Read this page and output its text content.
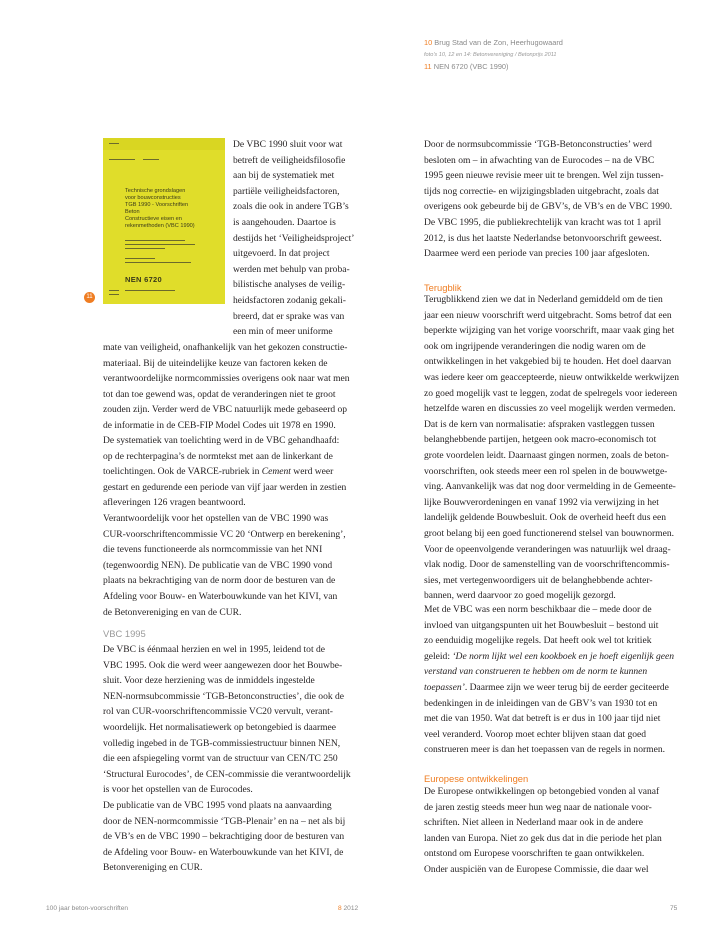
10 Brug Stad van de Zon, Heerhugowaard
foto's 10, 12 en 14: Betonvereniging / Betonprijs 2011
11 NEN 6720 (VBC 1990)
Technische grondslagen
voor bouwconstructies
TGB 1990 - Voorschriften
Beton
Constructieve eisen en
rekenmethoden (VBC 1990)
NEN 6720
11

De VBC 1990 sluit voor wat

betreft de veiligheidsfilosofie

aan bij de systematiek met

partiële veiligheidsfactoren,

zoals die ook in andere TGB’s

is aangehouden. Daartoe is

destijds het ‘Veiligheidsproject’

uitgevoerd. In dat project

werden met behulp van proba-

bilistische analyses de veilig-

heidsfactoren zodanig gekali-

breerd, dat er sprake was van

een min of meer uniforme

mate van veiligheid, onafhankelijk van het gekozen constructie-

materiaal. Bij de uiteindelijke keuze van factoren keken de

verantwoordelijke normcommissies overigens ook naar wat men

tot dan toe gewend was, opdat de veranderingen niet te groot

zouden zijn. Verder werd de VBC natuurlijk mede gebaseerd op

de informatie in de CEB-FIP Model Codes uit 1978 en 1990.

De systematiek van toelichting werd in de VBC gehandhaafd:

op de rechterpagina’s de normtekst met aan de linkerkant de

toelichtingen. Ook de VARCE-rubriek in Cement werd weer

gestart en gedurende een periode van vijf jaar werden in zestien

afleveringen 126 vragen beantwoord.

Verantwoordelijk voor het opstellen van de VBC 1990 was

CUR-voorschriftencommissie VC 20 ‘Ontwerp en berekening’,

die tevens functioneerde als normcommissie van het NNI

(tegenwoordig NEN). De publicatie van de VBC 1990 vond

plaats na bekrachtiging van de norm door de besturen van de

Afdeling voor Bouw- en Waterbouwkunde van het KIVI, van

de Betonvereniging en van de CUR.

VBC 1995

De VBC is éénmaal herzien en wel in 1995, leidend tot de

VBC 1995. Ook die werd weer aangewezen door het Bouwbe-

sluit. Voor deze herziening was de inmiddels ingestelde

NEN-normsubcommissie ‘TGB-Betonconstructies’, die ook de

rol van CUR-voorschriftencommissie VC20 vervult, verant-

woordelijk. Het normalisatiewerk op betongebied is daarmee

volledig ingebed in de TGB-commissiestructuur binnen NEN,

die een afspiegeling vormt van de structuur van CEN/TC 250

‘Structural Eurocodes’, de CEN-commissie die verantwoordelijk

is voor het opstellen van de Eurocodes.

De publicatie van de VBC 1995 vond plaats na aanvaarding

door de NEN-normcommissie ‘TGB-Plenair’ en na – net als bij

de VB’s en de VBC 1990 – bekrachtiging door de besturen van

de Afdeling voor Bouw- en Waterbouwkunde van het KIVI, de

Betonvereniging en CUR.

Door de normsubcommissie ‘TGB-Betonconstructies’ werd

besloten om – in afwachting van de Eurocodes – na de VBC

1995 geen nieuwe revisie meer uit te brengen. Wel zijn tussen-

tijds nog correctie- en wijzigingsbladen uitgebracht, zoals dat

overigens ook gebeurde bij de GBV’s, de VB’s en de VBC 1990.

De VBC 1995, die publiekrechtelijk van kracht was tot 1 april

2012, is dus het laatste Nederlandse betonvoorschrift geweest.

Daarmee werd een periode van precies 100 jaar afgesloten.

Terugblik

Terugblikkend zien we dat in Nederland gemiddeld om de tien

jaar een nieuw voorschrift werd uitgebracht. Soms betrof dat een

beperkte wijziging van het vorige voorschrift, maar vaak ging het

ook om ingrijpende veranderingen die nodig waren om de

ontwikkelingen in het vakgebied bij te houden. Het doel daarvan

was iedere keer om geaccepteerde, nieuw ontwikkelde werkwijzen

zo goed mogelijk vast te leggen, zodat de spelregels voor iedereen

hetzelfde waren en discussies zo veel mogelijk werden vermeden.

Dat is de kern van normalisatie: afspraken vastleggen tussen

belanghebbende partijen, hetgeen ook macro-economisch tot

grote voordelen leidt. Daarnaast gingen normen, zoals de beton-

voorschriften, ook steeds meer een rol spelen in de bouwwetge-

ving. Aanvankelijk was dat nog door vermelding in de Gemeente-

lijke Bouwverordeningen en vanaf 1992 via verwijzing in het

landelijk geldende Bouwbesluit. Ook de overheid heeft dus een

groot belang bij een goed functionerend stelsel van bouwnormen.

Voor de opeenvolgende veranderingen was natuurlijk wel draag-

vlak nodig. Door de samenstelling van de voorschriftencommis-

sies, met vertegenwoordigers uit de belanghebbende achter-

bannen, werd daarvoor zo goed mogelijk gezorgd.

Met de VBC was een norm beschikbaar die – mede door de

invloed van uitgangspunten uit het Bouwbesluit – bestond uit

zo eenduidig mogelijke regels. Dat heeft ook wel tot kritiek

geleid: ‘De norm lijkt wel een kookboek en je hoeft eigenlijk geen

verstand van construeren te hebben om de norm te kunnen

toepassen’. Daarmee zijn we weer terug bij de eerder geciteerde

bedenkingen in de inleidingen van de GBV’s van 1930 tot en

met die van 1950. Wat dat betreft is er dus in 100 jaar tijd niet

veel veranderd. Voorop moet echter blijven staan dat goed

construeren meer is dan het toepassen van de regels in normen.

Europese ontwikkelingen

De Europese ontwikkelingen op betongebied vonden al vanaf

de jaren zestig steeds meer hun weg naar de nationale voor-

schriften. Niet alleen in Nederland maar ook in de andere

landen van Europa. Niet zo gek dus dat in die periode het plan

ontstond om Europese voorschriften te gaan ontwikkelen.

Onder auspiciën van de Europese Commissie, die daar wel

100 jaar beton-voorschriften	8 2012	75
